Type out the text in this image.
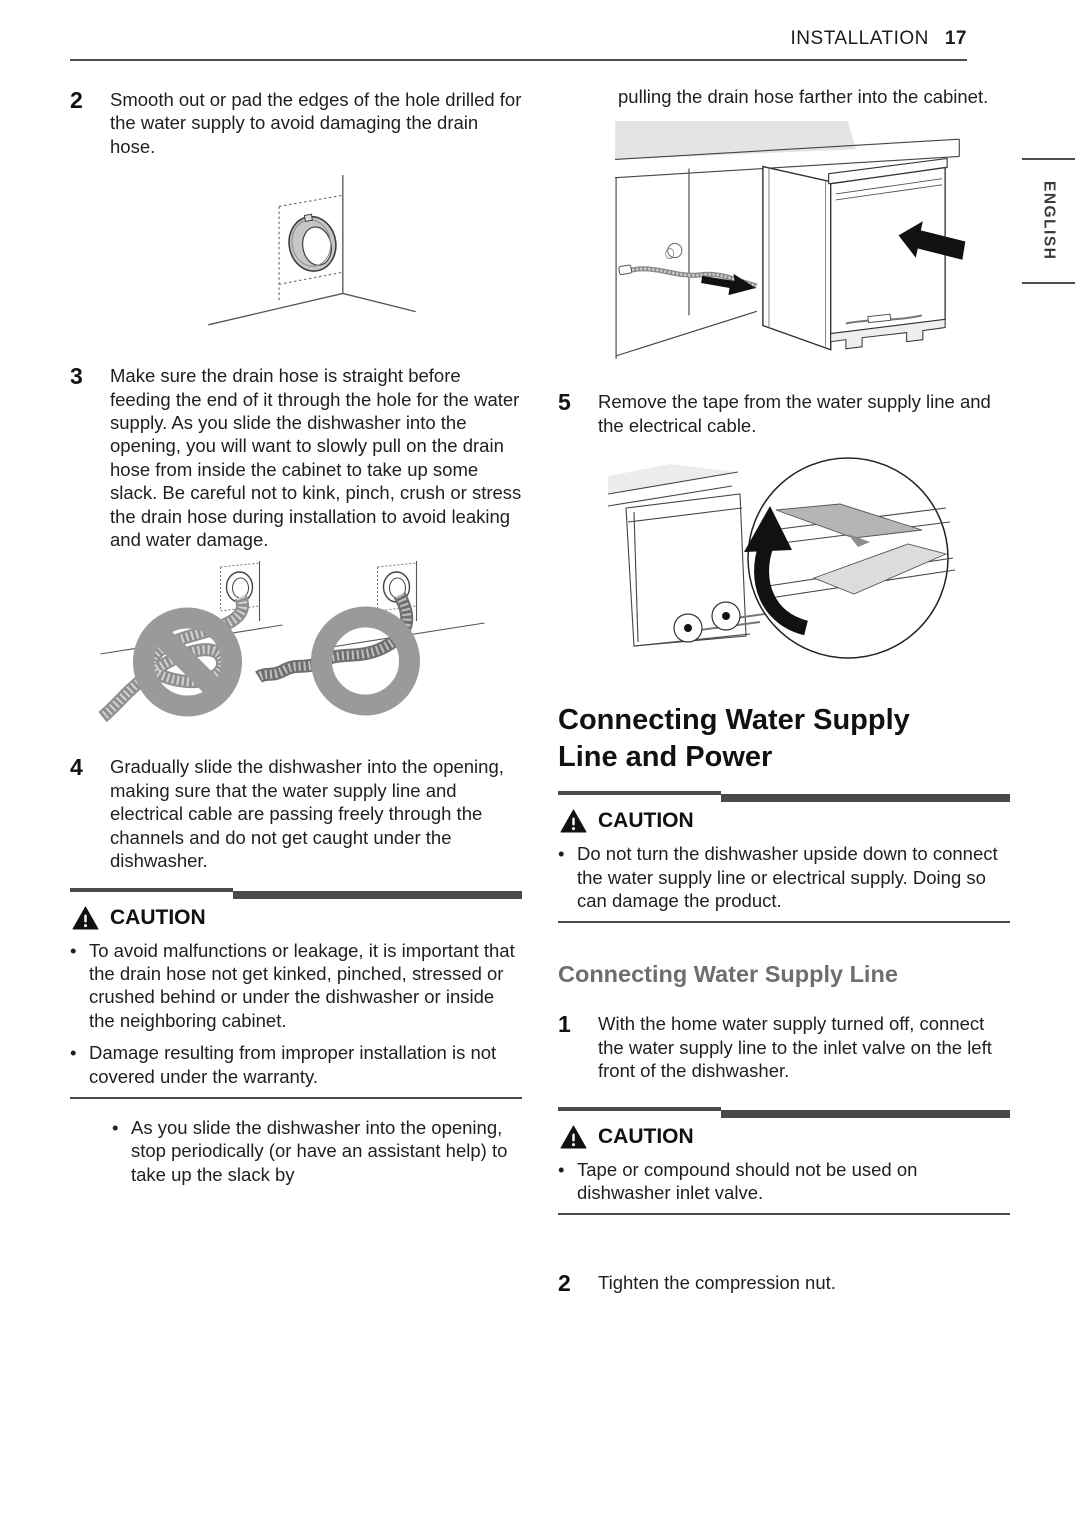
INSTALLATION 17
ENGLISH
2	Smooth out or pad the edges of the hole drilled for the water supply to avoid damaging the drain hose.
3	Make sure the drain hose is straight before feeding the end of it through the hole for the water supply. As you slide the dishwasher into the opening, you will want to slowly pull on the drain hose from inside the cabinet to take up some slack. Be careful not to kink, pinch, crush or stress the drain hose during installation to avoid leaking and water damage.
4	Gradually slide the dishwasher into the opening, making sure that the water supply line and electrical cable are passing freely through the channels and do not get caught under the dishwasher.
CAUTION
• To avoid malfunctions or leakage, it is important that the drain hose not get kinked, pinched, stressed or crushed behind or under the dishwasher or inside the neighboring cabinet.
• Damage resulting from improper installation is not covered under the warranty.
• As you slide the dishwasher into the opening, stop periodically (or have an assistant help) to take up the slack by
pulling the drain hose farther into the cabinet.
5	Remove the tape from the water supply line and the electrical cable.
Connecting Water Supply Line and Power
CAUTION
• Do not turn the dishwasher upside down to connect the water supply line or electrical supply. Doing so can damage the product.
Connecting Water Supply Line
1	With the home water supply turned off, connect the water supply line to the inlet valve on the left front of the dishwasher.
CAUTION
• Tape or compound should not be used on dishwasher inlet valve.
2	Tighten the compression nut.
